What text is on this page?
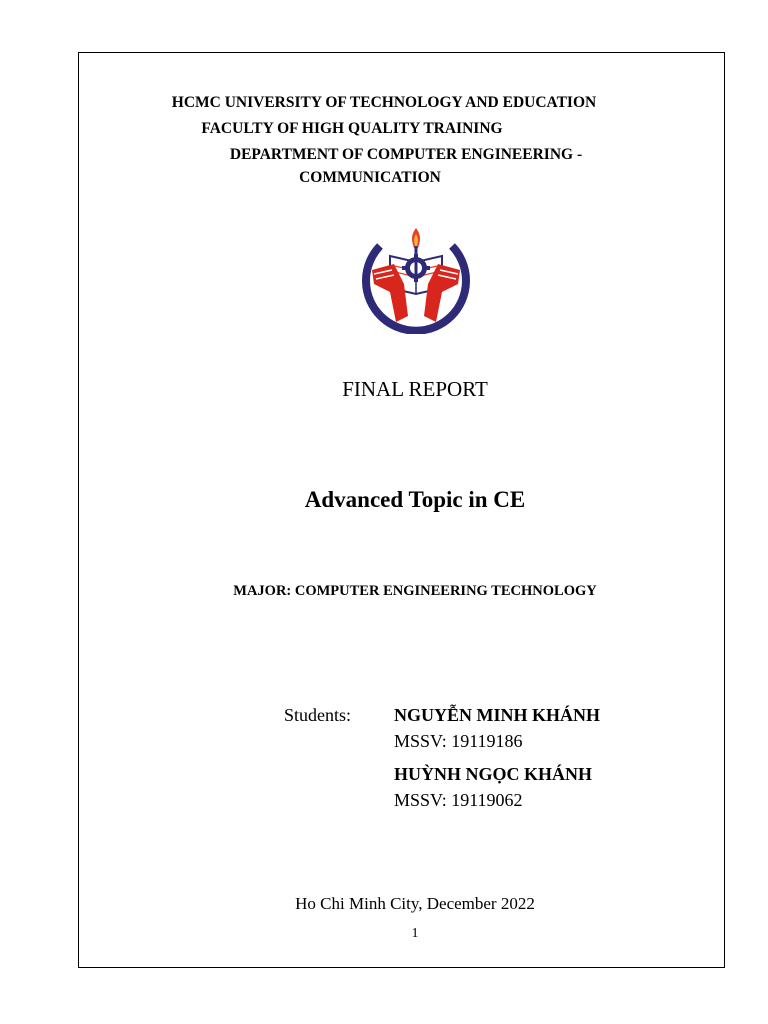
HCMC UNIVERSITY OF TECHNOLOGY AND EDUCATION
FACULTY OF HIGH QUALITY TRAINING
DEPARTMENT OF COMPUTER ENGINEERING -
COMMUNICATION
FINAL REPORT
Advanced Topic in CE
MAJOR: COMPUTER ENGINEERING TECHNOLOGY
Students: NGUYỄN MINH KHÁNH
MSSV: 19119186
HUỲNH NGỌC KHÁNH
MSSV: 19119062
Ho Chi Minh City, December 2022
1
